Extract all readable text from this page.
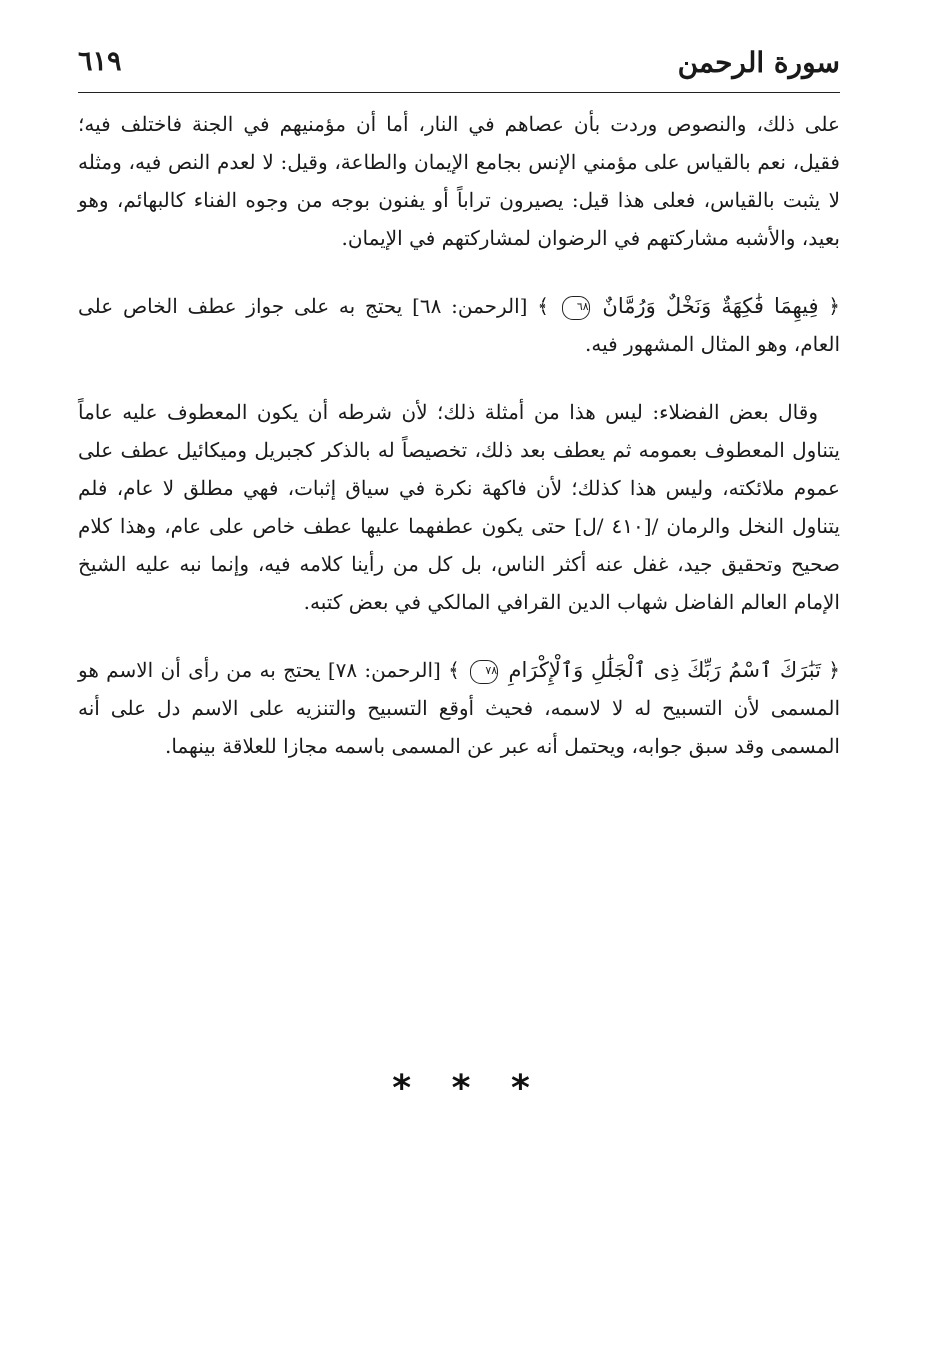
سورة الرحمن
٦١٩

على ذلك، والنصوص وردت بأن عصاهم في النار، أما أن مؤمنيهم في الجنة فاختلف فيه؛ فقيل، نعم بالقياس على مؤمني الإنس بجامع الإيمان والطاعة، وقيل: لا لعدم النص فيه، ومثله لا يثبت بالقياس، فعلى هذا قيل: يصيرون تراباً أو يفنون بوجه من وجوه الفناء كالبهائم، وهو بعيد، والأشبه مشاركتهم في الرضوان لمشاركتهم في الإيمان.

﴿ فِيهِمَا فَٰكِهَةٌ وَنَخْلٌ وَرُمَّانٌ ٦٨ ﴾ [الرحمن: ٦٨] يحتج به على جواز عطف الخاص على العام، وهو المثال المشهور فيه.

وقال بعض الفضلاء: ليس هذا من أمثلة ذلك؛ لأن شرطه أن يكون المعطوف عليه عاماً يتناول المعطوف بعمومه ثم يعطف بعد ذلك، تخصيصاً له بالذكر كجبريل وميكائيل عطف على عموم ملائكته، وليس هذا كذلك؛ لأن فاكهة نكرة في سياق إثبات، فهي مطلق لا عام، فلم يتناول النخل والرمان /[٤١٠ /ل] حتى يكون عطفهما عليها عطف خاص على عام، وهذا كلام صحيح وتحقيق جيد، غفل عنه أكثر الناس، بل كل من رأينا كلامه فيه، وإنما نبه عليه الشيخ الإمام العالم الفاضل شهاب الدين القرافي المالكي في بعض كتبه.

﴿ تَبَٰرَكَ ٱسْمُ رَبِّكَ ذِى ٱلْجَلَٰلِ وَٱلْإِكْرَامِ ٧٨ ﴾ [الرحمن: ٧٨] يحتج به من رأى أن الاسم هو المسمى لأن التسبيح له لا لاسمه، فحيث أوقع التسبيح والتنزيه على الاسم دل على أنه المسمى وقد سبق جوابه، ويحتمل أنه عبر عن المسمى باسمه مجازا للعلاقة بينهما.

* * *
